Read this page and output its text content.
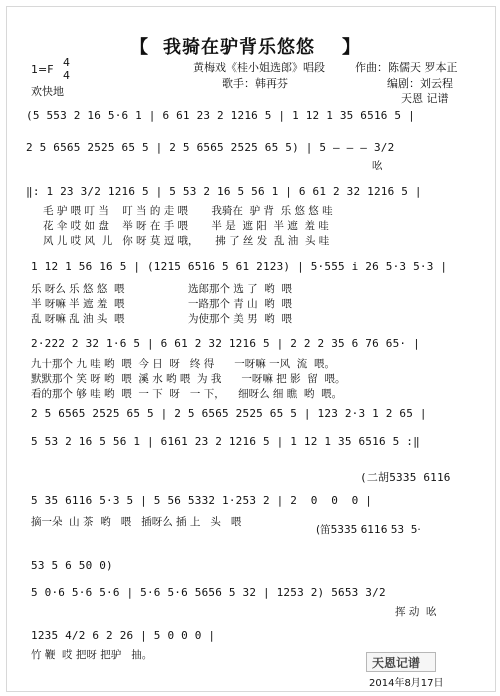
【 我骑在驴背乐悠悠 】
黄梅戏《桂小姐选郎》唱段
歌手：韩再芬
作曲：陈儒天 罗本正
编剧：刘云程
天恩 记谱
1=F
4
4
欢快地
(5 553 2 16 5·6 1 | 6 61 23 2 1216 5 | 1 12 1 35 6516 5 |
2 5 6565 2525 65 5 | 2 5 6565 2525 65 5) | 5 — — — 3/2
吆
‖: 1 23 3/2 1216 5 | 5 53 2 16 5 56 1 | 6 61 2 32 1216 5 |
毛 驴 喂 叮 当    叮 当 的 走 喂       我骑在  驴 背  乐 悠 悠 哇
花 伞 哎 如 盘    举 呀 在 手 喂       半 是  遮 阳  半 遮  羞 哇
风 儿 哎 风  儿   你 呀 莫 逗 哦，     拂 了 丝 发  乱 油  头 哇
1 12 1 56 16 5 | (1215 6516 5 61 2123) | 5·555 i 26 5·3 5·3 |
乐 呀么 乐 悠 悠  喂                   选郎那个 选 了  哟  喂
半 呀嘛 半 遮 羞  喂                   一路那个 青 山  哟  喂
乱 呀嘛 乱 油 头  喂                   为使那个 美 男  哟  喂
2·222 2 32 1·6 5 | 6 61 2 32 1216 5 | 2 2 2 35 6 76 65· |
九十那个 九 哇 哟  喂  今 日  呀   终 得      一呀嘛 一风  流  喂。
默默那个 笑 呀 哟  喂  溪 水 哟 喂  为 我      一呀嘛 把 影  留  喂。
看的那个 够 哇 哟  喂  一 下  呀   一 下，    细呀么 细 瞧  哟  喂。
2 5 6565 2525 65 5 | 2 5 6565 2525 65 5 | 123 2·3 1 2 65 |
5 53 2 16 5 56 1 | 6161 23 2 1216 5 | 1 12 1 35 6516 5 :‖
(二胡5335 6116
5 35 6116 5·3 5 | 5 56 5332 1·253 2 | 2  0  0  0 |
摘一朵  山 茶  哟   喂   插呀么 插 上   头   喂
(笛5335 6116 53  5·
53 5 6 50 0)
5 0·6 5·6 5·6 | 5·6 5·6 5656 5 32 | 1253 2) 5653 3/2
挥 动  吆
1235 4/2 6 2 26 | 5 0 0 0 |
竹 鞭  哎 把呀 把驴   抽。
天恩记谱
2014年8月17日
